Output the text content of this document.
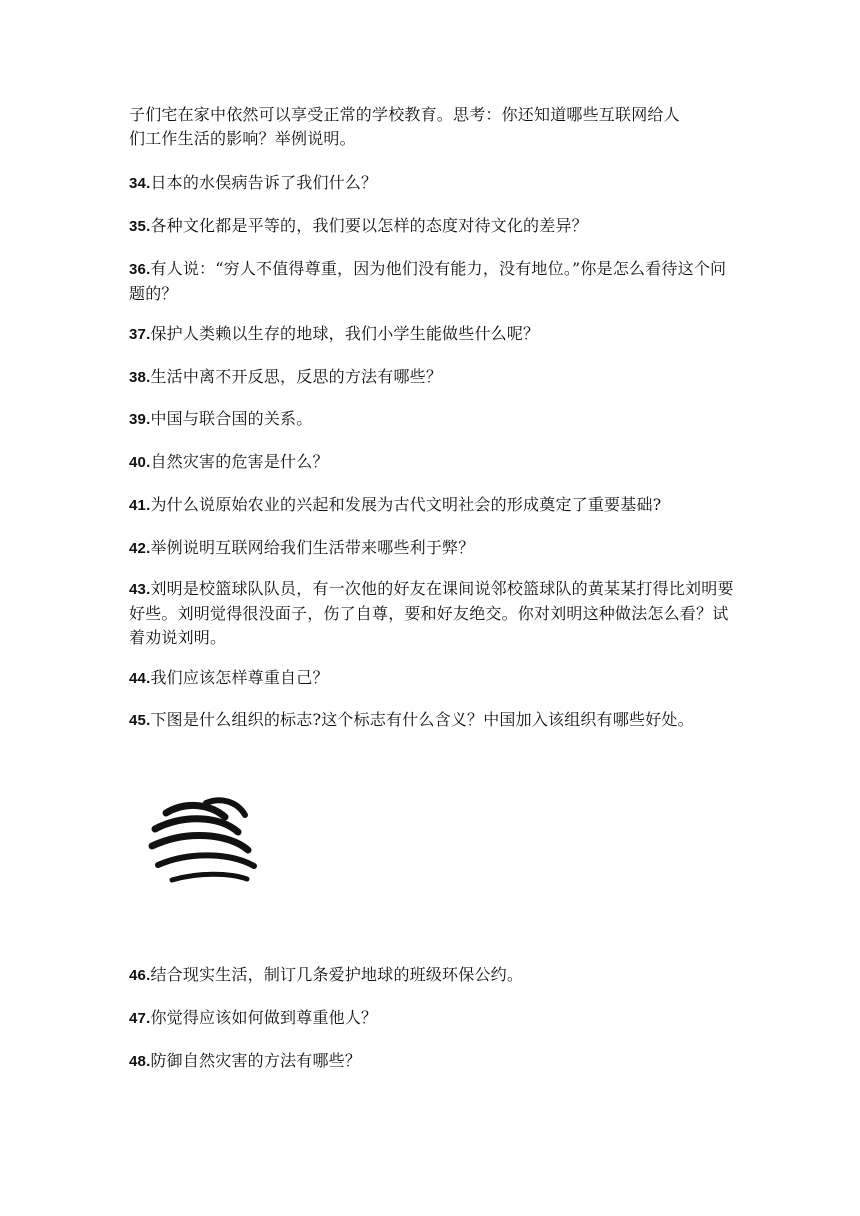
子们宅在家中依然可以享受正常的学校教育。思考：你还知道哪些互联网给人
们工作生活的影响？举例说明。
34.日本的水俣病告诉了我们什么？
35.各种文化都是平等的，我们要以怎样的态度对待文化的差异？
36.有人说：“穷人不值得尊重，因为他们没有能力，没有地位。”你是怎么看待这个问题的？
37.保护人类赖以生存的地球，我们小学生能做些什么呢？
38.生活中离不开反思，反思的方法有哪些？
39.中国与联合国的关系。
40.自然灾害的危害是什么？
41.为什么说原始农业的兴起和发展为古代文明社会的形成奠定了重要基础?
42.举例说明互联网给我们生活带来哪些利于弊？
43.刘明是校篮球队队员，有一次他的好友在课间说邻校篮球队的黄某某打得比刘明要好些。刘明觉得很没面子，伤了自尊，要和好友绝交。你对刘明这种做法怎么看？试着劝说刘明。
44.我们应该怎样尊重自己？
45.下图是什么组织的标志?这个标志有什么含义？中国加入该组织有哪些好处。
46.结合现实生活，制订几条爱护地球的班级环保公约。
47.你觉得应该如何做到尊重他人？
48.防御自然灾害的方法有哪些？
